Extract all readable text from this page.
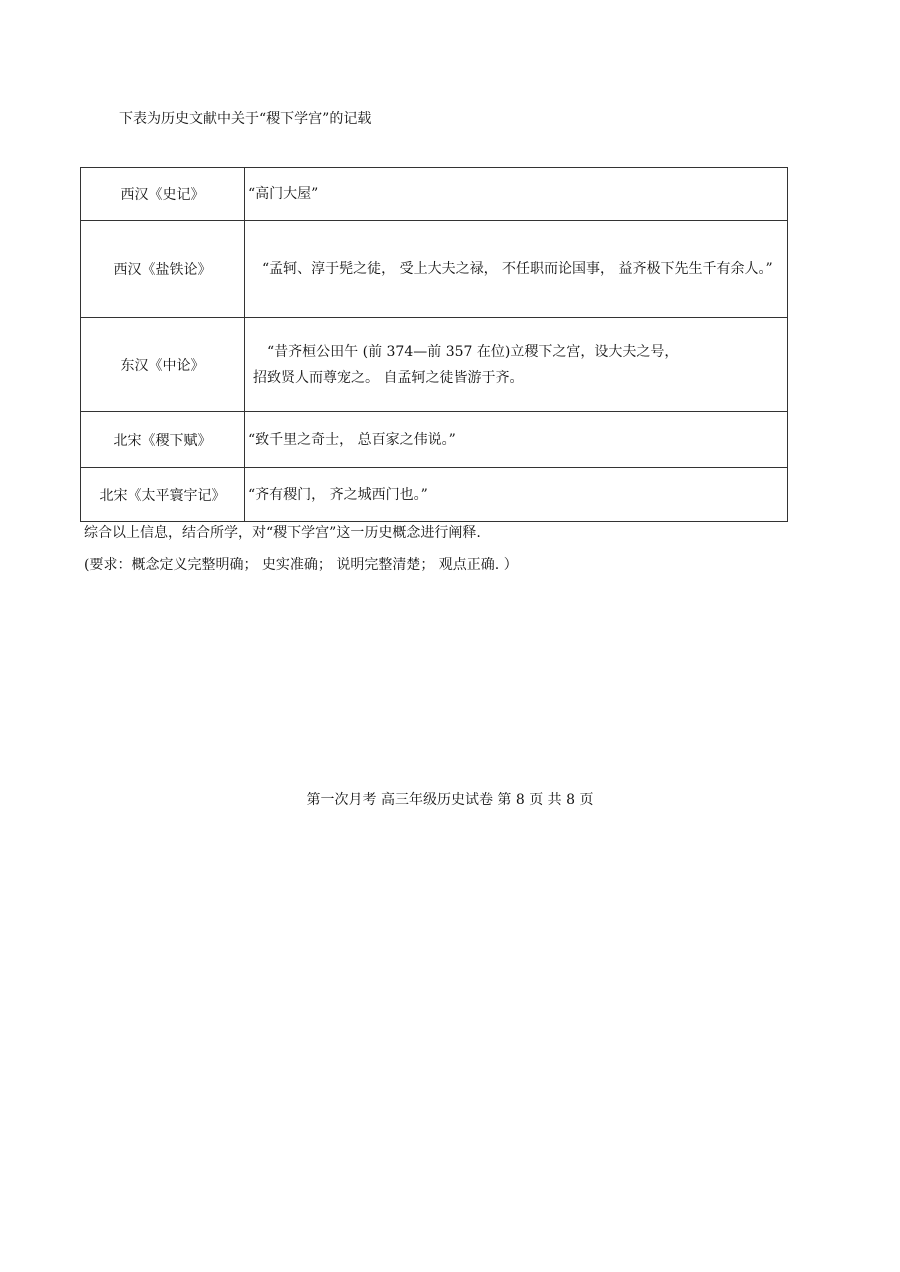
下表为历史文献中关于“稷下学宫”的记载
西汉《史记》	“高门大屋”
西汉《盐铁论》	“孟轲、淳于髡之徒， 受上大夫之禄， 不任职而论国事， 益齐极下先生千有余人。”
东汉《中论》	“昔齐桓公田午 (前 374—前 357 在位)立稷下之宫，设大夫之号，
招致贤人而尊宠之。 自孟轲之徒皆游于齐。
北宋《稷下赋》	“致千里之奇士， 总百家之伟说。”
北宋《太平寰宇记》	“齐有稷门， 齐之城西门也。”
综合以上信息，结合所学，对“稷下学宫”这一历史概念进行阐释.
(要求：概念定义完整明确； 史实准确； 说明完整清楚； 观点正确. ）
第一次月考 高三年级历史试卷 第 8 页 共 8 页
